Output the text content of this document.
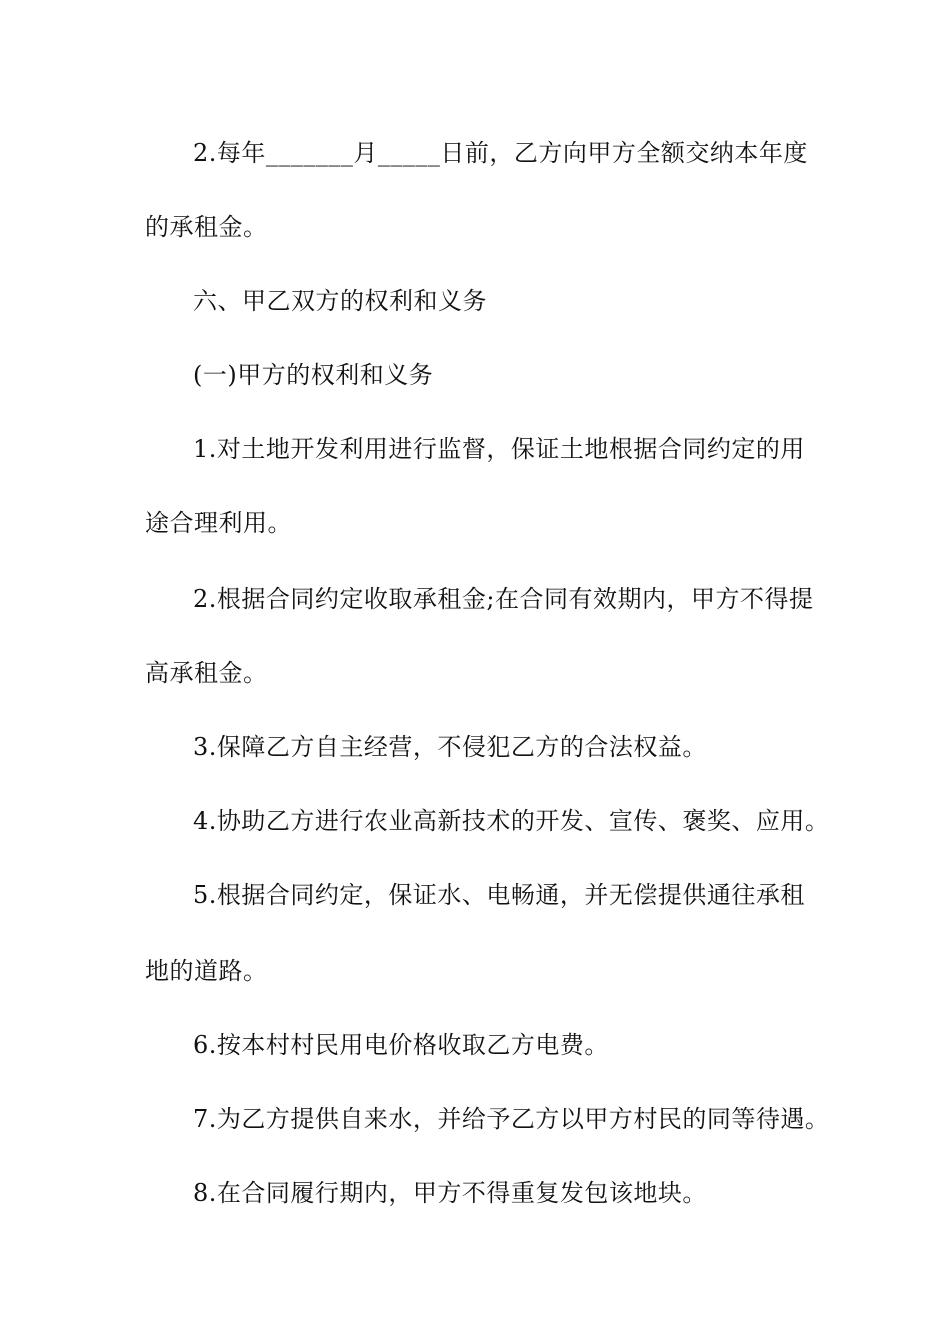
2.每年_______月_____日前，乙方向甲方全额交纳本年度
的承租金。
六、甲乙双方的权利和义务
(一)甲方的权利和义务
1.对土地开发利用进行监督，保证土地根据合同约定的用
途合理利用。
2.根据合同约定收取承租金;在合同有效期内，甲方不得提
高承租金。
3.保障乙方自主经营，不侵犯乙方的合法权益。
4.协助乙方进行农业高新技术的开发、宣传、褒奖、应用。
5.根据合同约定，保证水、电畅通，并无偿提供通往承租
地的道路。
6.按本村村民用电价格收取乙方电费。
7.为乙方提供自来水，并给予乙方以甲方村民的同等待遇。
8.在合同履行期内，甲方不得重复发包该地块。
